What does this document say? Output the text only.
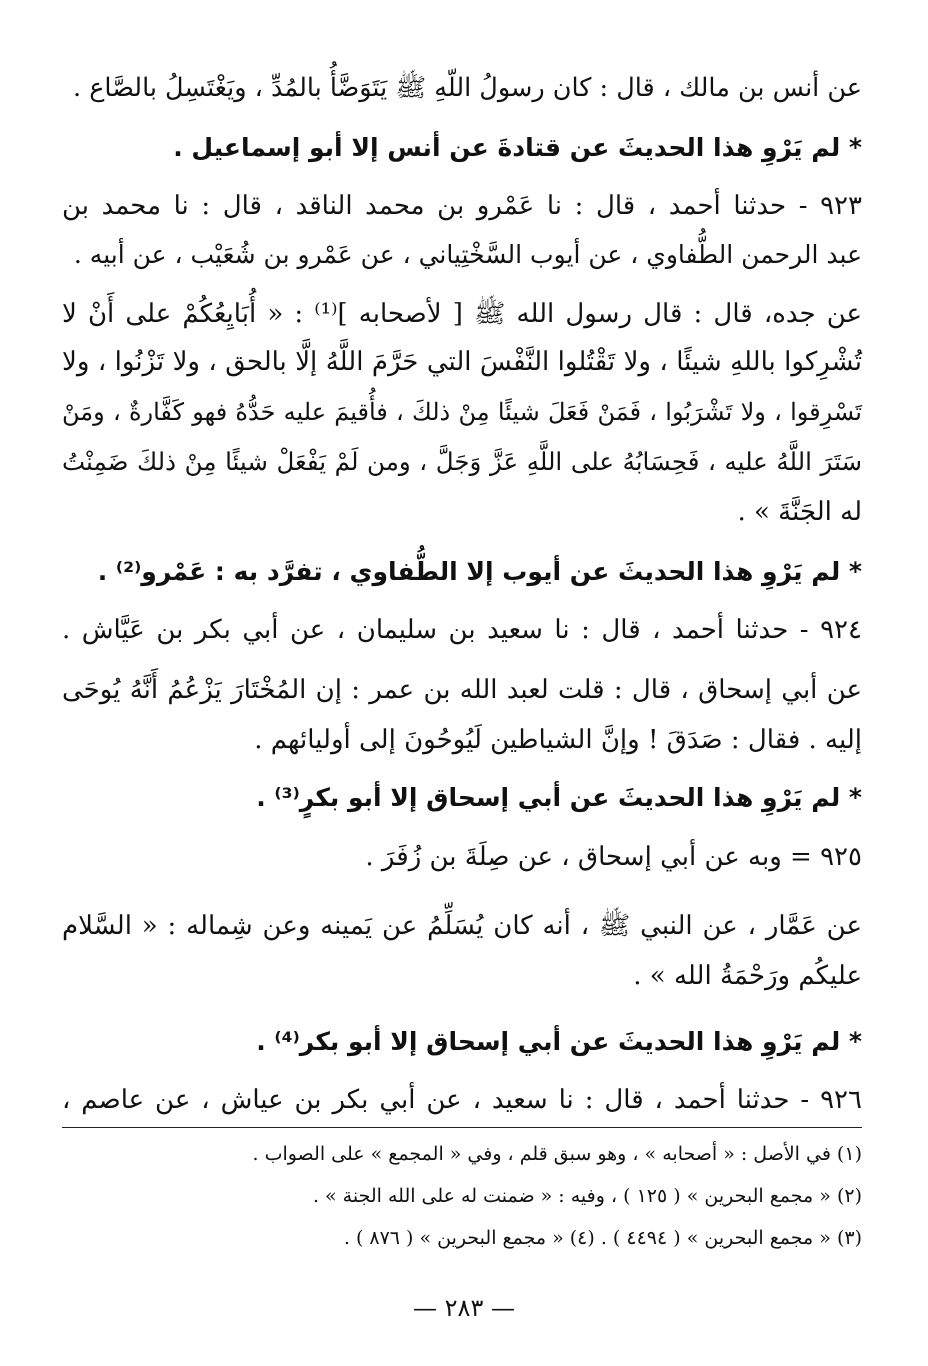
عن أنس بن مالك ، قال : كان رسولُ اللّهِ ﷺ يَتَوَضَّأُ بالمُدِّ ، ويَغْتَسِلُ بالصَّاع .
* لم يَرْوِ هذا الحديثَ عن قتادةَ عن أنس إلا أبو إسماعيل .
٩٢٣ - حدثنا أحمد ، قال : نا عَمْرو بن محمد الناقد ، قال : نا محمد بن
عبد الرحمن الطُّفاوي ، عن أيوب السَّخْتِياني ، عن عَمْرو بن شُعَيْب ، عن أبيه .
عن جده، قال : قال رسول الله ﷺ [ لأصحابه ]⁽¹⁾ : « أُبَايِعُكُمْ على أَنْ لا
تُشْرِكوا باللهِ شيئًا ، ولا تَقْتُلوا النَّفْسَ التي حَرَّمَ اللَّهُ إلَّا بالحق ، ولا تَزْنُوا ، ولا
تَسْرِقوا ، ولا تَشْرَبُوا ، فَمَنْ فَعَلَ شيئًا مِنْ ذلكَ ، فأُقيمَ عليه حَدُّهُ فهو كَفَّارةٌ ، ومَنْ
سَتَرَ اللَّهُ عليه ، فَحِسَابُهُ على اللَّهِ عَزَّ وَجَلَّ ، ومن لَمْ يَفْعَلْ شيئًا مِنْ ذلكَ ضَمِنْتُ
له الجَنَّةَ » .
* لم يَرْوِ هذا الحديثَ عن أيوب إلا الطُّفاوي ، تفرَّد به : عَمْرو⁽²⁾ .
٩٢٤ - حدثنا أحمد ، قال : نا سعيد بن سليمان ، عن أبي بكر بن عَيَّاش .
عن أبي إسحاق ، قال : قلت لعبد الله بن عمر : إن المُخْتَارَ يَزْعُمُ أَنَّهُ يُوحَى
إليه . فقال : صَدَقَ ! وإنَّ الشياطين لَيُوحُونَ إلى أوليائهم .
* لم يَرْوِ هذا الحديثَ عن أبي إسحاق إلا أبو بكرٍ⁽³⁾ .
٩٢٥ = وبه عن أبي إسحاق ، عن صِلَةَ بن زُفَرَ .
عن عَمَّار ، عن النبي ﷺ ، أنه كان يُسَلِّمُ عن يَمينه وعن شِماله : « السَّلام
عليكُم ورَحْمَةُ الله » .
* لم يَرْوِ هذا الحديثَ عن أبي إسحاق إلا أبو بكر⁽⁴⁾ .
٩٢٦ - حدثنا أحمد ، قال : نا سعيد ، عن أبي بكر بن عياش ، عن عاصم ،
(١) في الأصل : « أصحابه » ، وهو سبق قلم ، وفي « المجمع » على الصواب .
(٢) « مجمع البحرين » ( ١٢٥ ) ، وفيه : « ضمنت له على الله الجنة » .
(٣) « مجمع البحرين » ( ٤٤٩٤ ) . (٤) « مجمع البحرين » ( ٨٧٦ ) .
— ٢٨٣ —
